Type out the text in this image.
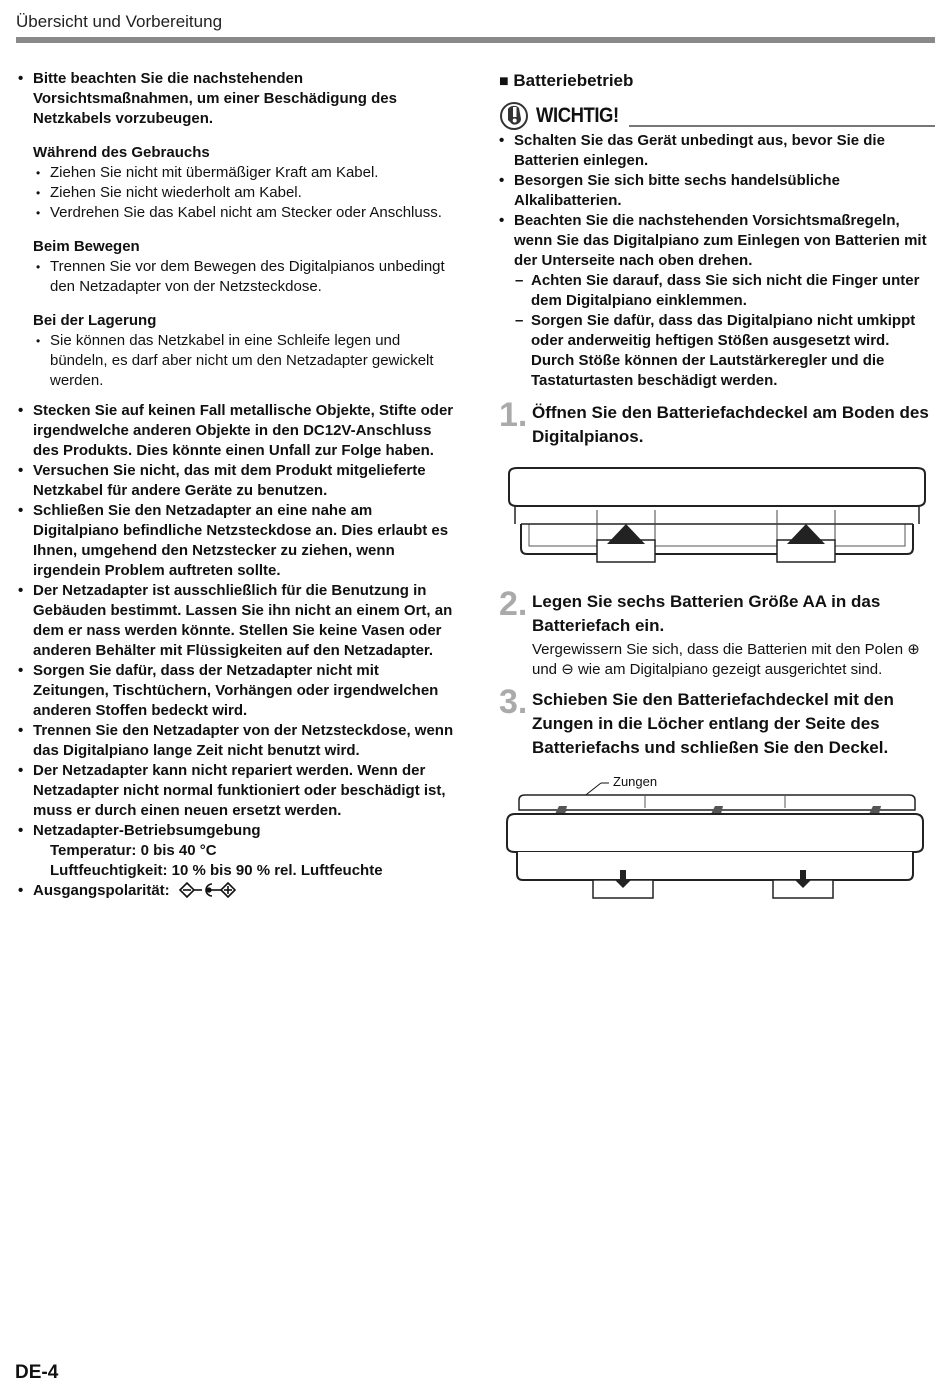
Übersicht und Vorbereitung
• Bitte beachten Sie die nachstehenden Vorsichtsmaßnahmen, um einer Beschädigung des Netzkabels vorzubeugen.
Während des Gebrauchs
• Ziehen Sie nicht mit übermäßiger Kraft am Kabel.
• Ziehen Sie nicht wiederholt am Kabel.
• Verdrehen Sie das Kabel nicht am Stecker oder Anschluss.
Beim Bewegen
• Trennen Sie vor dem Bewegen des Digitalpianos unbedingt den Netzadapter von der Netzsteckdose.
Bei der Lagerung
• Sie können das Netzkabel in eine Schleife legen und bündeln, es darf aber nicht um den Netzadapter gewickelt werden.
• Stecken Sie auf keinen Fall metallische Objekte, Stifte oder irgendwelche anderen Objekte in den DC12V-Anschluss des Produkts. Dies könnte einen Unfall zur Folge haben.
• Versuchen Sie nicht, das mit dem Produkt mitgelieferte Netzkabel für andere Geräte zu benutzen.
• Schließen Sie den Netzadapter an eine nahe am Digitalpiano befindliche Netzsteckdose an. Dies erlaubt es Ihnen, umgehend den Netzstecker zu ziehen, wenn irgendein Problem auftreten sollte.
• Der Netzadapter ist ausschließlich für die Benutzung in Gebäuden bestimmt. Lassen Sie ihn nicht an einem Ort, an dem er nass werden könnte. Stellen Sie keine Vasen oder anderen Behälter mit Flüssigkeiten auf den Netzadapter.
• Sorgen Sie dafür, dass der Netzadapter nicht mit Zeitungen, Tischtüchern, Vorhängen oder irgendwelchen anderen Stoffen bedeckt wird.
• Trennen Sie den Netzadapter von der Netzsteckdose, wenn das Digitalpiano lange Zeit nicht benutzt wird.
• Der Netzadapter kann nicht repariert werden. Wenn der Netzadapter nicht normal funktioniert oder beschädigt ist, muss er durch einen neuen ersetzt werden.
• Netzadapter-Betriebsumgebung
Temperatur: 0 bis 40 °C
Luftfeuchtigkeit: 10 % bis 90 % rel. Luftfeuchte
• Ausgangspolarität:
■ Batteriebetrieb
WICHTIG!
• Schalten Sie das Gerät unbedingt aus, bevor Sie die Batterien einlegen.
• Besorgen Sie sich bitte sechs handelsübliche Alkalibatterien.
• Beachten Sie die nachstehenden Vorsichtsmaßregeln, wenn Sie das Digitalpiano zum Einlegen von Batterien mit der Unterseite nach oben drehen.
– Achten Sie darauf, dass Sie sich nicht die Finger unter dem Digitalpiano einklemmen.
– Sorgen Sie dafür, dass das Digitalpiano nicht umkippt oder anderweitig heftigen Stößen ausgesetzt wird. Durch Stöße können der Lautstärkeregler und die Tastaturtasten beschädigt werden.
1. Öffnen Sie den Batteriefachdeckel am Boden des Digitalpianos.
2. Legen Sie sechs Batterien Größe AA in das Batteriefach ein.
Vergewissern Sie sich, dass die Batterien mit den Polen ⊕ und ⊖ wie am Digitalpiano gezeigt ausgerichtet sind.
3. Schieben Sie den Batteriefachdeckel mit den Zungen in die Löcher entlang der Seite des Batteriefachs und schließen Sie den Deckel.
Zungen
DE-4
